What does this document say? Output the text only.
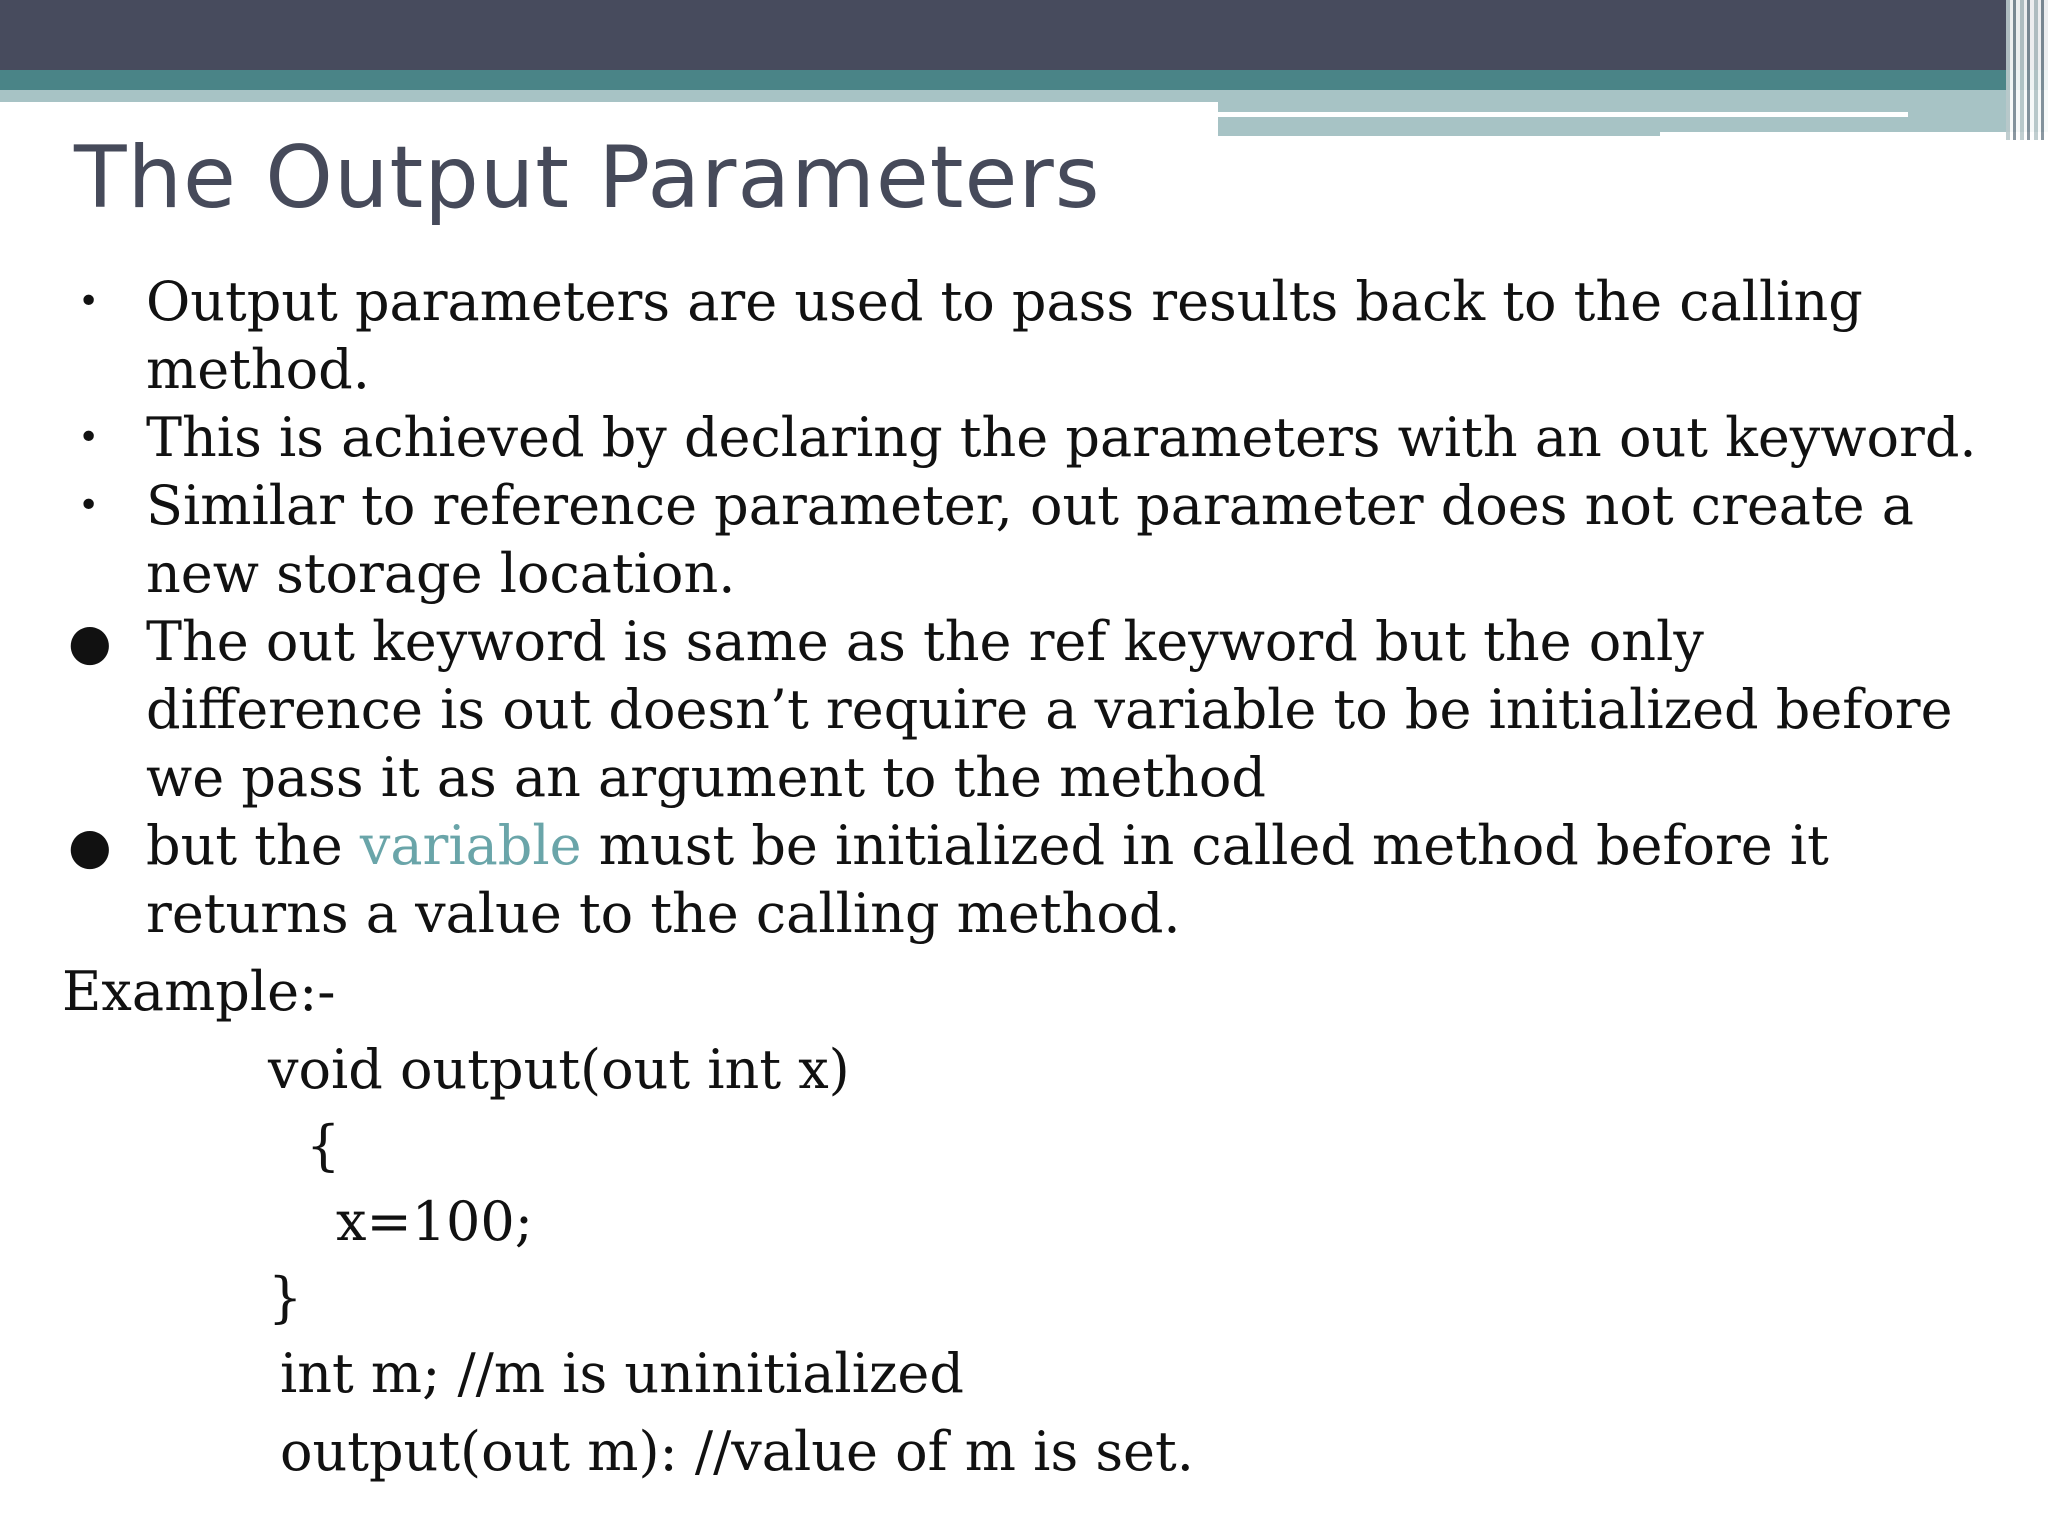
The Output Parameters
• Output parameters are used to pass results back to the calling method.
• This is achieved by declaring the parameters with an out keyword.
• Similar to reference parameter, out parameter does not create a new storage location.
● The out keyword is same as the ref keyword but the only difference is out doesn’t require a variable to be initialized before we pass it as an argument to the method
● but the variable must be initialized in called method before it returns a value to the calling method.
Example:-
void output(out int x)
{
x=100;
}
int m; //m is uninitialized
output(out m): //value of m is set.
